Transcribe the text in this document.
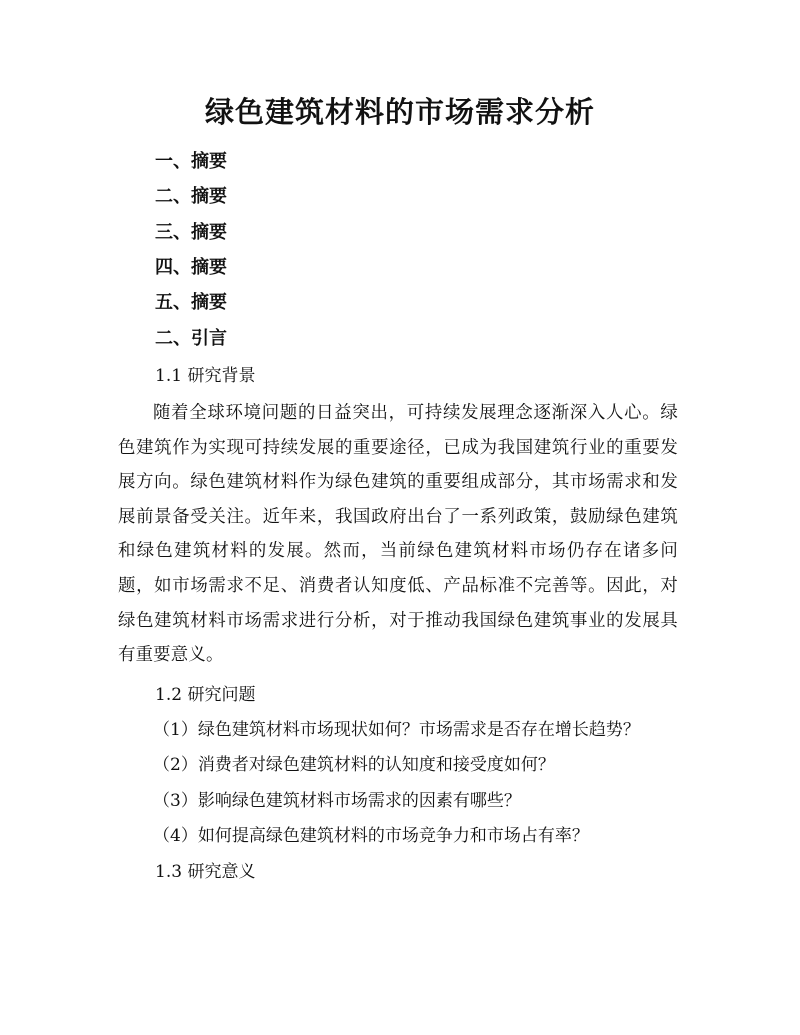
绿色建筑材料的市场需求分析
一、摘要
二、摘要
三、摘要
四、摘要
五、摘要
二、引言
1.1 研究背景
随着全球环境问题的日益突出，可持续发展理念逐渐深入人心。绿色建筑作为实现可持续发展的重要途径，已成为我国建筑行业的重要发展方向。绿色建筑材料作为绿色建筑的重要组成部分，其市场需求和发展前景备受关注。近年来，我国政府出台了一系列政策，鼓励绿色建筑和绿色建筑材料的发展。然而，当前绿色建筑材料市场仍存在诸多问题，如市场需求不足、消费者认知度低、产品标准不完善等。因此，对绿色建筑材料市场需求进行分析，对于推动我国绿色建筑事业的发展具有重要意义。
1.2 研究问题
（1）绿色建筑材料市场现状如何？市场需求是否存在增长趋势？
（2）消费者对绿色建筑材料的认知度和接受度如何？
（3）影响绿色建筑材料市场需求的因素有哪些？
（4）如何提高绿色建筑材料的市场竞争力和市场占有率？
1.3 研究意义
